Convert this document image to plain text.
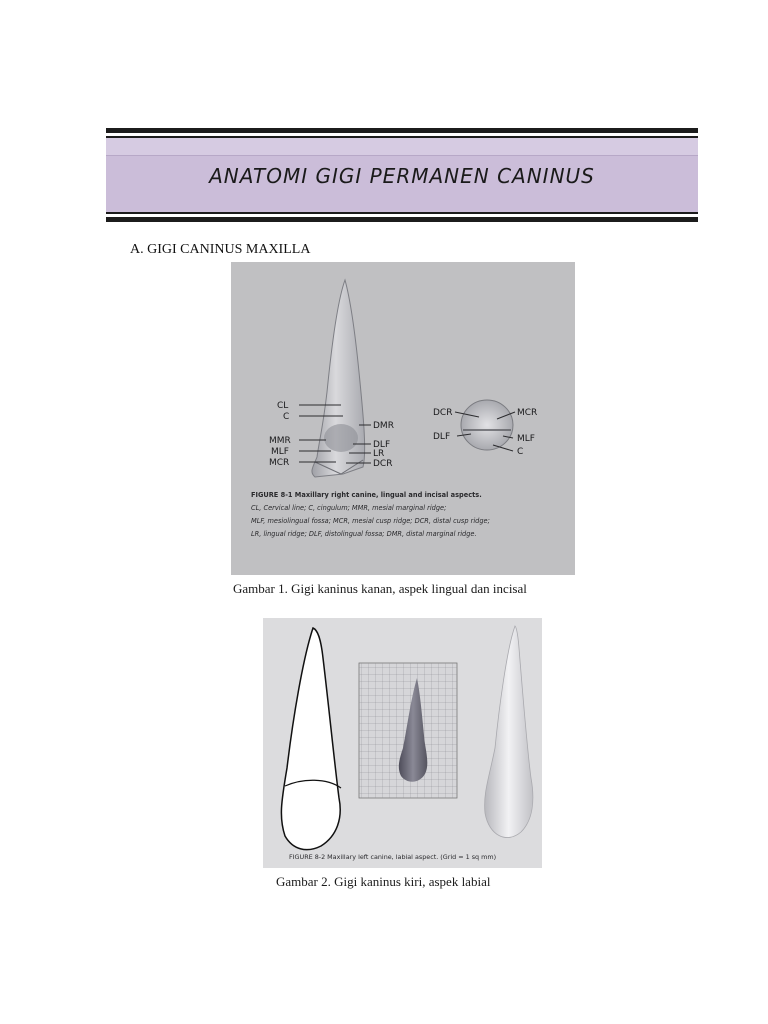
ANATOMI GIGI PERMANEN CANINUS
A. GIGI CANINUS MAXILLA
CL
C
MMR
MLF
MCR
DMR
DLF
LR
DCR
DCR
DLF
MCR
MLF
C
FIGURE 8-1 Maxillary right canine, lingual and incisal aspects.
CL, Cervical line; C, cingulum; MMR, mesial marginal ridge;
MLF, mesiolingual fossa; MCR, mesial cusp ridge; DCR, distal cusp ridge;
LR, lingual ridge; DLF, distolingual fossa; DMR, distal marginal ridge.
Gambar 1. Gigi kaninus kanan, aspek lingual dan incisal
FIGURE 8-2 Maxillary left canine, labial aspect. (Grid = 1 sq mm)
Gambar 2. Gigi kaninus kiri, aspek labial
